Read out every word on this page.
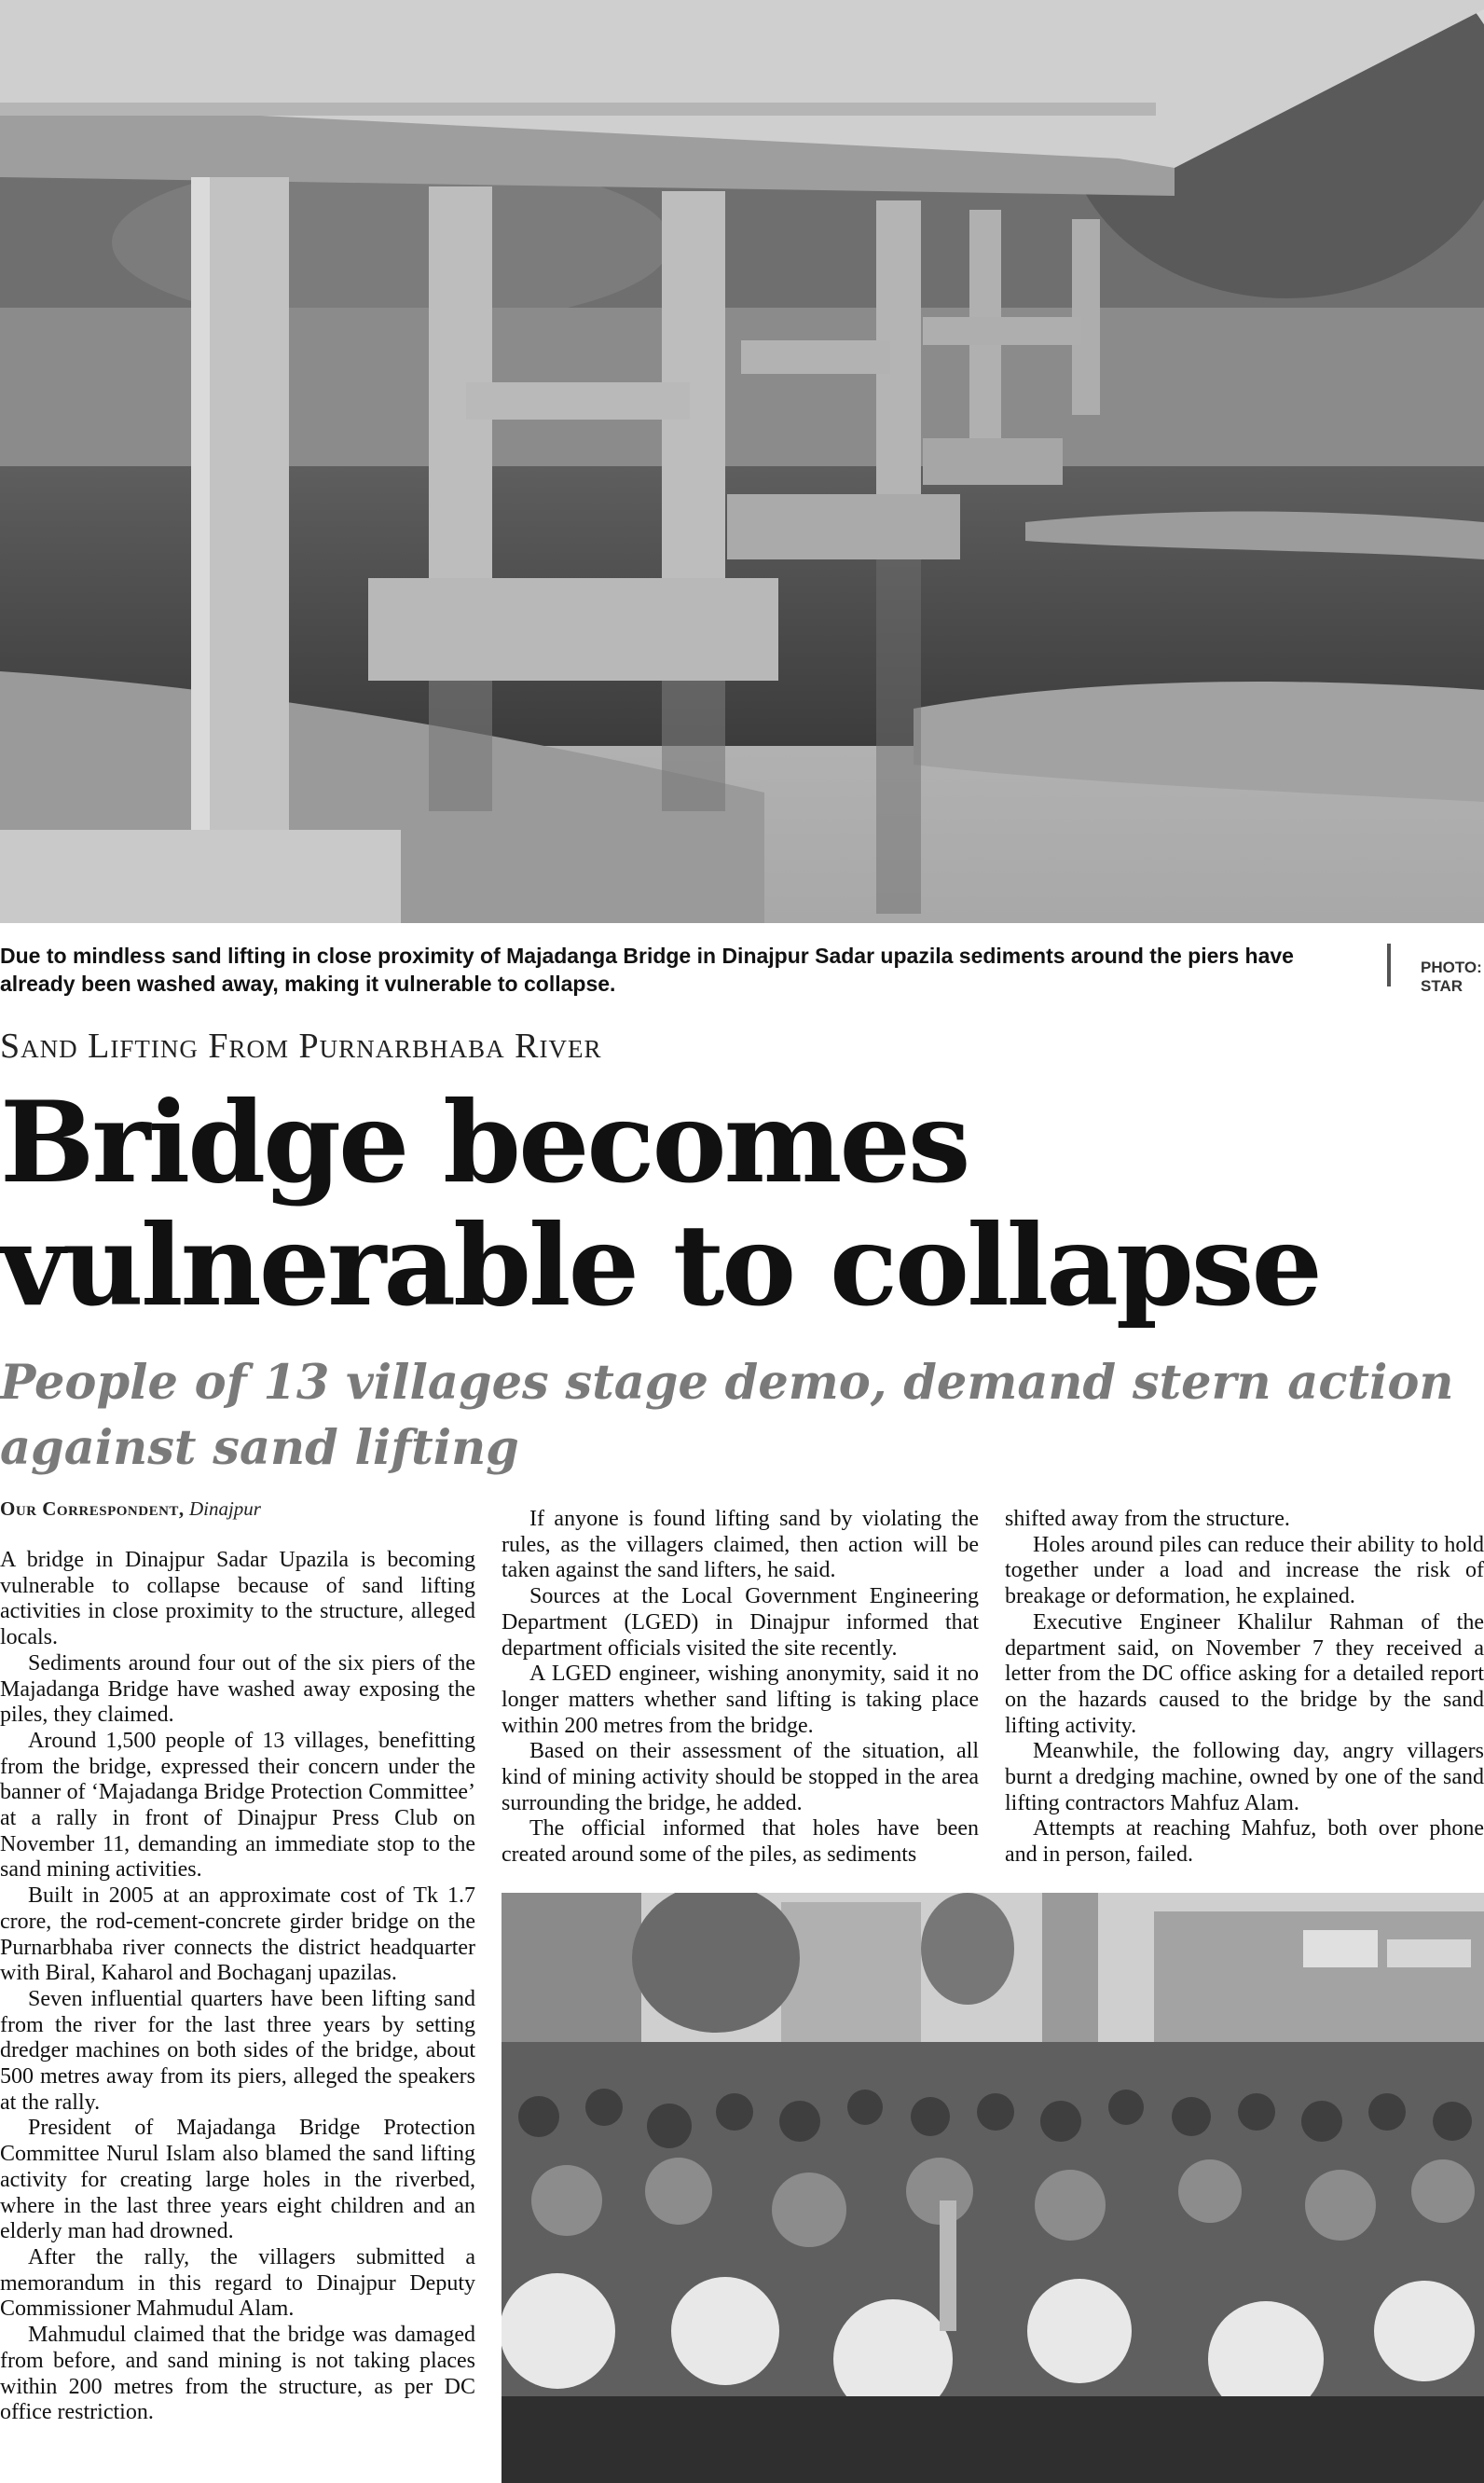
Due to mindless sand lifting in close proximity of Majadanga Bridge in Dinajpur Sadar upazila sediments around the piers have already been washed away, making it vulnerable to collapse.
PHOTO:
STAR
Sand Lifting From Purnarbhaba River
Bridge becomes
vulnerable to collapse
People of 13 villages stage demo, demand stern action against sand lifting
Our Correspondent, Dinajpur

A bridge in Dinajpur Sadar Upazila is becoming vulnerable to collapse because of sand lifting activities in close proximity to the structure, alleged locals.

Sediments around four out of the six piers of the Majadanga Bridge have washed away exposing the piles, they claimed.

Around 1,500 people of 13 villages, benefitting from the bridge, expressed their concern under the banner of ‘Majadanga Bridge Protection Committee’ at a rally in front of Dinajpur Press Club on November 11, demanding an immediate stop to the sand mining activities.

Built in 2005 at an approximate cost of Tk 1.7 crore, the rod-cement-concrete girder bridge on the Purnarbhaba river connects the district headquarter with Biral, Kaharol and Bochaganj upazilas.

Seven influential quarters have been lifting sand from the river for the last three years by setting dredger machines on both sides of the bridge, about 500 metres away from its piers, alleged the speakers at the rally.

President of Majadanga Bridge Protection Committee Nurul Islam also blamed the sand lifting activity for creating large holes in the riverbed, where in the last three years eight children and an elderly man had drowned.

After the rally, the villagers submitted a memorandum in this regard to Dinajpur Deputy Commissioner Mahmudul Alam.

Mahmudul claimed that the bridge was damaged from before, and sand mining is not taking places within 200 metres from the structure, as per DC office restriction.

If anyone is found lifting sand by violating the rules, as the villagers claimed, then action will be taken against the sand lifters, he said.

Sources at the Local Government Engineering Department (LGED) in Dinajpur informed that department officials visited the site recently.

A LGED engineer, wishing anonymity, said it no longer matters whether sand lifting is taking place within 200 metres from the bridge.

Based on their assessment of the situation, all kind of mining activity should be stopped in the area surrounding the bridge, he added.

The official informed that holes have been created around some of the piles, as sediments

shifted away from the structure.

Holes around piles can reduce their ability to hold together under a load and increase the risk of breakage or deformation, he explained.

Executive Engineer Khalilur Rahman of the department said, on November 7 they received a letter from the DC office asking for a detailed report on the hazards caused to the bridge by the sand lifting activity.

Meanwhile, the following day, angry villagers burnt a dredging machine, owned by one of the sand lifting contractors Mahfuz Alam.

Attempts at reaching Mahfuz, both over phone and in person, failed.
